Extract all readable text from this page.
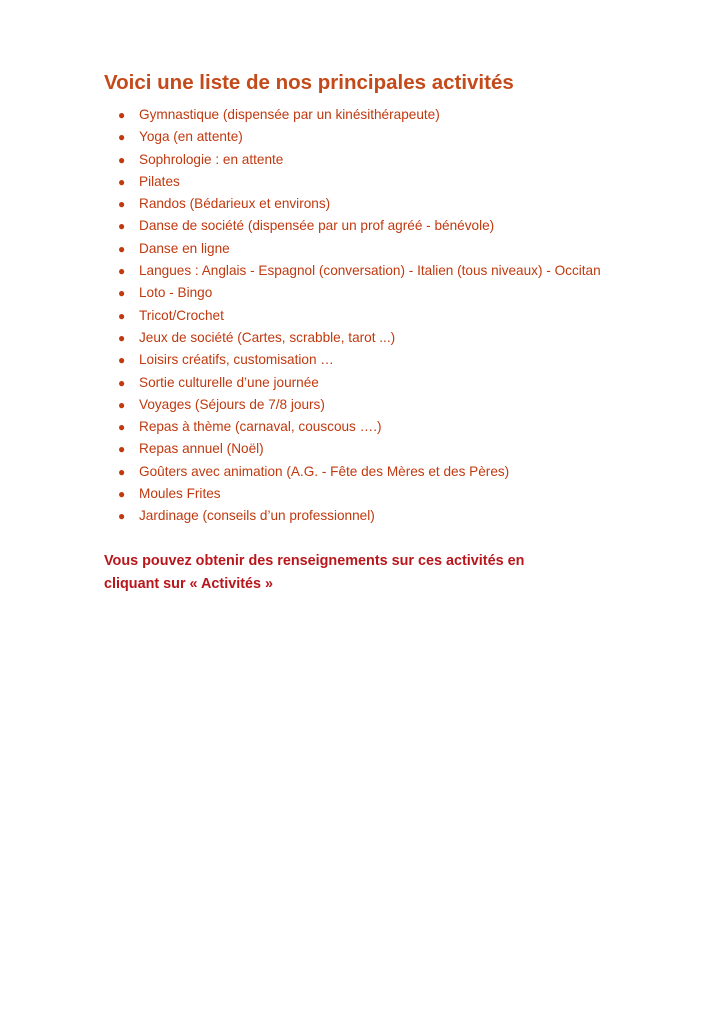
Voici une liste de nos principales activités
● Gymnastique (dispensée par un kinésithérapeute)
● Yoga (en attente)
● Sophrologie : en attente
● Pilates
● Randos (Bédarieux et environs)
● Danse de société (dispensée par un prof agréé - bénévole)
● Danse en ligne
● Langues : Anglais - Espagnol (conversation) - Italien (tous niveaux) - Occitan
● Loto - Bingo
● Tricot/Crochet
● Jeux de société (Cartes, scrabble, tarot ...)
● Loisirs créatifs, customisation …
● Sortie culturelle d’une journée
● Voyages (Séjours de 7/8 jours)
● Repas à thème (carnaval, couscous ….)
● Repas annuel (Noël)
● Goûters avec animation (A.G. - Fête des Mères et des Pères)
● Moules Frites
● Jardinage (conseils d’un professionnel)

Vous pouvez obtenir des renseignements sur ces activités en
cliquant sur « Activités »
